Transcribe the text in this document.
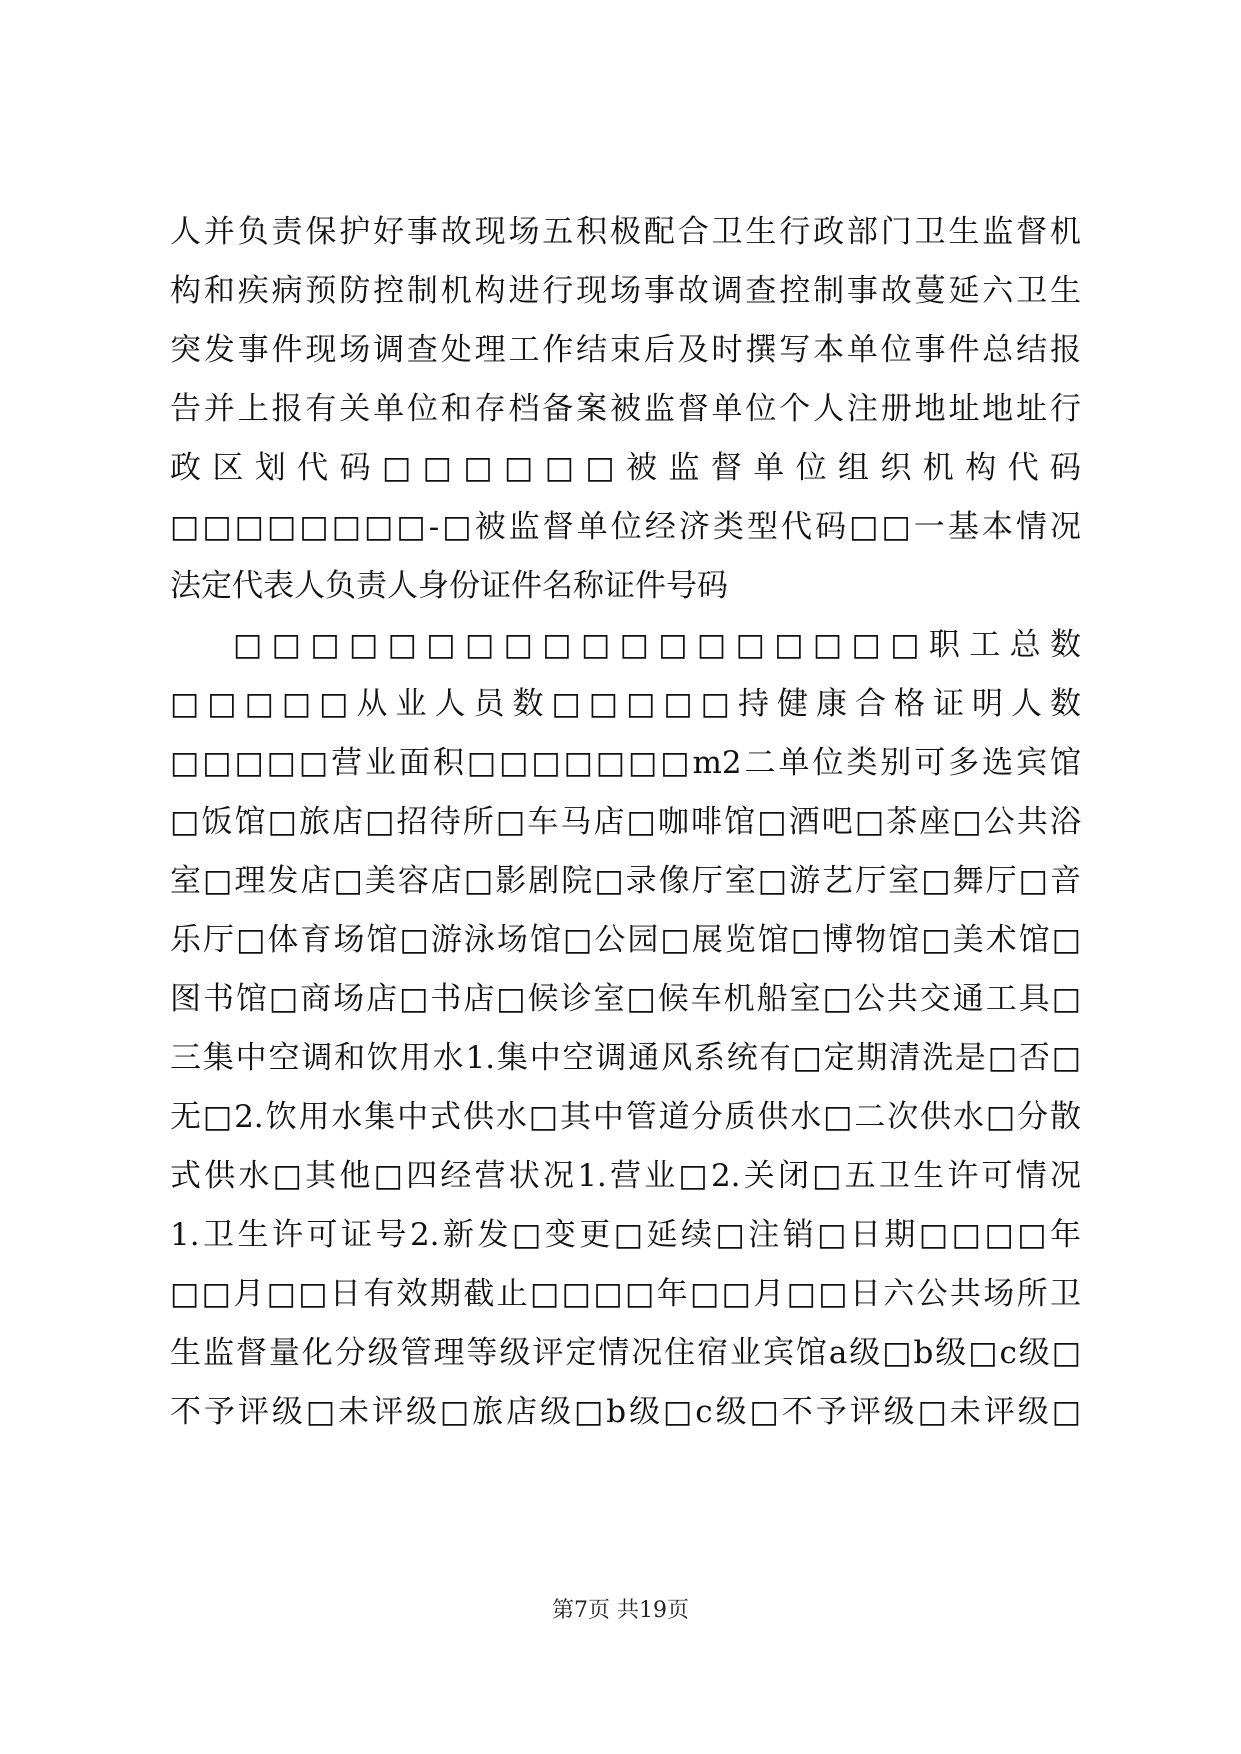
人并负责保护好事故现场五积极配合卫生行政部门卫生监督机

构和疾病预防控制机构进行现场事故调查控制事故蔓延六卫生

突发事件现场调查处理工作结束后及时撰写本单位事件总结报

告并上报有关单位和存档备案被监督单位个人注册地址地址行

政区划代码□□□□□□被监督单位组织机构代码

□□□□□□□□-□被监督单位经济类型代码□□一基本情况

法定代表人负责人身份证件名称证件号码

□□□□□□□□□□□□□□□□□□职工总数

□□□□□从业人员数□□□□□持健康合格证明人数

□□□□□营业面积□□□□□□□m2二单位类别可多选宾馆

□饭馆□旅店□招待所□车马店□咖啡馆□酒吧□茶座□公共浴

室□理发店□美容店□影剧院□录像厅室□游艺厅室□舞厅□音

乐厅□体育场馆□游泳场馆□公园□展览馆□博物馆□美术馆□

图书馆□商场店□书店□候诊室□候车机船室□公共交通工具□

三集中空调和饮用水1.集中空调通风系统有□定期清洗是□否□

无□2.饮用水集中式供水□其中管道分质供水□二次供水□分散

式供水□其他□四经营状况1.营业□2.关闭□五卫生许可情况

1.卫生许可证号2.新发□变更□延续□注销□日期□□□□年

□□月□□日有效期截止□□□□年□□月□□日六公共场所卫

生监督量化分级管理等级评定情况住宿业宾馆a级□b级□c级□

不予评级□未评级□旅店级□b级□c级□不予评级□未评级□

第7页 共19页
